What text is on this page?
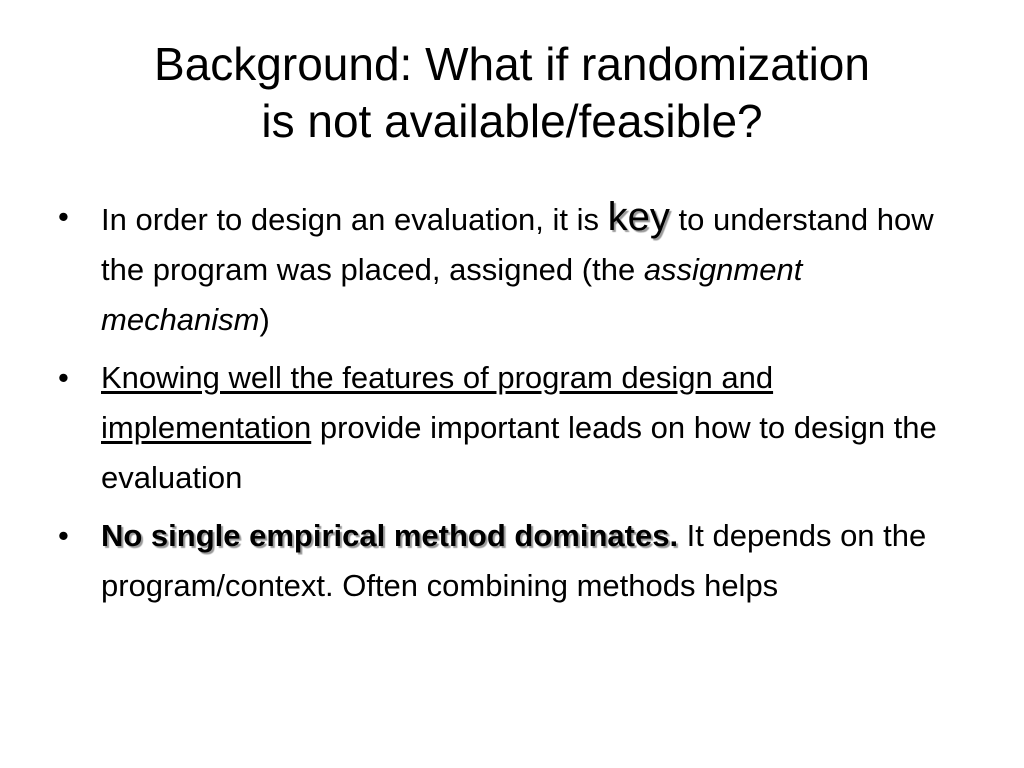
Background: What if randomization
is not available/feasible?
• In order to design an evaluation, it is key to understand how the program was placed, assigned (the assignment mechanism)
• Knowing well the features of program design and implementation provide important leads on how to design the evaluation
• No single empirical method dominates. It depends on the program/context. Often combining methods helps
